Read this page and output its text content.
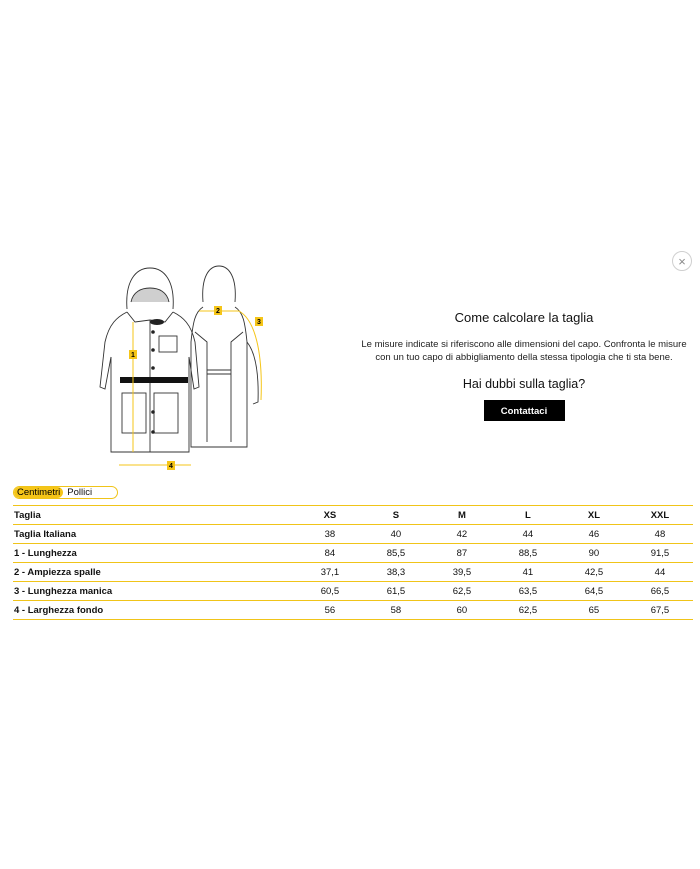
×
1
2
3
4
Come calcolare la taglia

Le misure indicate si riferiscono alle dimensioni del capo. Confronta le misure con un tuo capo di abbigliamento della stessa tipologia che ti sta bene.

Hai dubbi sulla taglia?

Contattaci
Centimetri Pollici
Taglia	XS	S	M	L	XL	XXL
Taglia Italiana	38	40	42	44	46	48
1 - Lunghezza	84	85,5	87	88,5	90	91,5
2 - Ampiezza spalle	37,1	38,3	39,5	41	42,5	44
3 - Lunghezza manica	60,5	61,5	62,5	63,5	64,5	66,5
4 - Larghezza fondo	56	58	60	62,5	65	67,5
